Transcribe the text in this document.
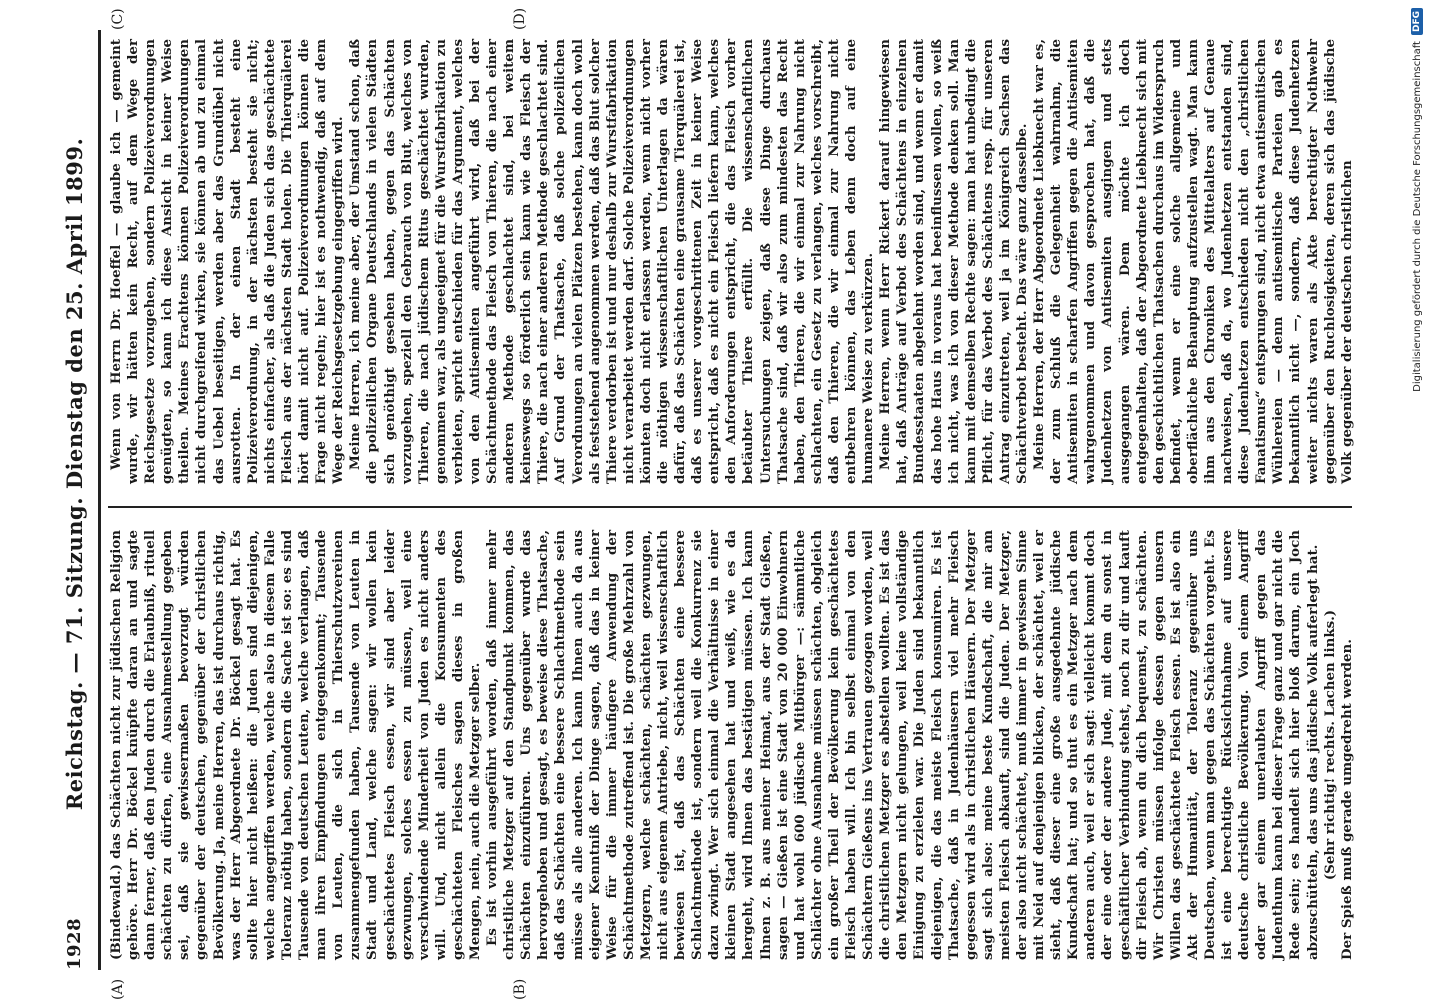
1928
Reichstag. — 71. Sitzung. Dienstag den 25. April 1899.
(A)	(B)
(C)	(D)

(Bindewald.) das Schächten nicht zur jüdischen Religion gehöre. Herr Dr. Böckel knüpfte daran an und sagte dann ferner, daß den Juden durch die Erlaubniß, rituell schächten zu dürfen, eine Ausnahmestellung gegeben sei, daß sie gewissermaßen bevorzugt würden gegenüber der deutschen, gegenüber der christlichen Bevölkerung. Ja, meine Herren, das ist durchaus richtig, was der Herr Abgeordnete Dr. Böckel gesagt hat. Es sollte hier nicht heißen: die Juden sind diejenigen, welche angegriffen werden, welche also in diesem Falle Toleranz nöthig haben, sondern die Sache ist so: es sind Tausende von deutschen Leuten, welche verlangen, daß man ihren Empfindungen entgegenkommt; Tausende von Leuten, die sich in Thierschutzvereinen zusammengefunden haben, Tausende von Leuten in Stadt und Land, welche sagen: wir wollen kein geschächtetes Fleisch essen, wir sind aber leider gezwungen, solches essen zu müssen, weil eine verschwindende Minderheit von Juden es nicht anders will. Und, nicht allein die Konsumenten des geschächteten Fleisches sagen dieses in großen Mengen, nein, auch die Metzger selber. Es ist vorhin ausgeführt worden, daß immer mehr christliche Metzger auf den Standpunkt kommen, das Schächten einzuführen. Uns gegenüber wurde das hervorgehoben und gesagt, es beweise diese Thatsache, daß das Schächten eine bessere Schlachtmethode sein müsse als alle anderen. Ich kann Ihnen auch da aus eigener Kenntniß der Dinge sagen, daß das in keiner Weise für die immer häufigere Anwendung der Schächtmethode zutreffend ist. Die große Mehrzahl von Metzgern, welche schächten, schächten gezwungen, nicht aus eigenem Antriebe, nicht, weil wissenschaftlich bewiesen ist, daß das Schächten eine bessere Schlachtmethode ist, sondern weil die Konkurrenz sie dazu zwingt. Wer sich einmal die Verhältnisse in einer kleinen Stadt angesehen hat und weiß, wie es da hergeht, wird Ihnen das bestätigen müssen. Ich kann Ihnen z. B. aus meiner Heimat, aus der Stadt Gießen, sagen — Gießen ist eine Stadt von 20 000 Einwohnern und hat wohl 600 jüdische Mitbürger —: sämmtliche Schlächter ohne Ausnahme müssen schächten, obgleich ein großer Theil der Bevölkerung kein geschächtetes Fleisch haben will. Ich bin selbst einmal von den Schächtern Gießens ins Vertrauen gezogen worden, weil die christlichen Metzger es abstellen wollten. Es ist das den Metzgern nicht gelungen, weil keine vollständige Einigung zu erzielen war. Die Juden sind bekanntlich diejenigen, die das meiste Fleisch konsumiren. Es ist Thatsache, daß in Judenhäusern viel mehr Fleisch gegessen wird als in christlichen Häusern. Der Metzger sagt sich also: meine beste Kundschaft, die mir am meisten Fleisch abkauft, sind die Juden. Der Metzger, der also nicht schächtet, muß immer in gewissem Sinne mit Neid auf denjenigen blicken, der schächtet, weil er sieht, daß dieser eine große ausgedehnte jüdische Kundschaft hat; und so thut es ein Metzger nach dem anderen auch, weil er sich sagt: vielleicht kommt doch der eine oder der andere Jude, mit dem du sonst in geschäftlicher Verbindung stehst, noch zu dir und kauft dir Fleisch ab, wenn du dich bequemst, zu schächten. Wir Christen müssen infolge dessen gegen unsern Willen das geschächtete Fleisch essen. Es ist also ein Akt der Humanität, der Toleranz gegenüber uns Deutschen, wenn man gegen das Schächten vorgeht. Es ist eine berechtigte Rücksichtnahme auf unsere deutsche christliche Bevölkerung. Von einem Angriff oder gar einem unerlaubten Angriff gegen das Judenthum kann bei dieser Frage ganz und gar nicht die Rede sein; es handelt sich hier bloß darum, ein Joch abzuschütteln, das uns das jüdische Volk auferlegt hat. (Sehr richtig! rechts. Lachen links.) Der Spieß muß gerade umgedreht werden.

Wenn von Herrn Dr. Hoeffel — glaube ich — gemeint wurde, wir hätten kein Recht, auf dem Wege der Reichsgesetze vorzugehen, sondern Polizeiverordnungen genügten, so kann ich diese Ansicht in keiner Weise theilen. Meines Erachtens können Polizeiverordnungen nicht durchgreifend wirken, sie können ab und zu einmal das Uebel beseitigen, werden aber das Grundübel nicht ausrotten. In der einen Stadt besteht eine Polizeiverordnung, in der nächsten besteht sie nicht; nichts einfacher, als daß die Juden sich das geschächtete Fleisch aus der nächsten Stadt holen. Die Thierquälerei hört damit nicht auf. Polizeiverordnungen können die Frage nicht regeln; hier ist es nothwendig, daß auf dem Wege der Reichsgesetzgebung eingegriffen wird. Meine Herren, ich meine aber, der Umstand schon, daß die polizeilichen Organe Deutschlands in vielen Städten sich genöthigt gesehen haben, gegen das Schächten vorzugehen, speziell den Gebrauch von Blut, welches von Thieren, die nach jüdischem Ritus geschächtet wurden, genommen war, als ungeeignet für die Wurstfabrikation zu verbieten, spricht entschieden für das Argument, welches von den Antisemiten angeführt wird, daß bei der Schächtmethode das Fleisch von Thieren, die nach einer anderen Methode geschlachtet sind, bei weitem keineswegs so förderlich sein kann wie das Fleisch der Thiere, die nach einer anderen Methode geschlachtet sind. Auf Grund der Thatsache, daß solche polizeilichen Verordnungen an vielen Plätzen bestehen, kann doch wohl als feststehend angenommen werden, daß das Blut solcher Thiere verdorben ist und nur deshalb zur Wurstfabrikation nicht verarbeitet werden darf. Solche Polizeiverordnungen könnten doch nicht erlassen werden, wenn nicht vorher die nöthigen wissenschaftlichen Unterlagen da wären dafür, daß das Schächten eine grausame Tierquälerei ist, daß es unserer vorgeschrittenen Zeit in keiner Weise entspricht, daß es nicht ein Fleisch liefern kann, welches den Anforderungen entspricht, die das Fleisch vorher betäubter Thiere erfüllt. Die wissenschaftlichen Untersuchungen zeigen, daß diese Dinge durchaus Thatsache sind, daß wir also zum mindesten das Recht haben, den Thieren, die wir einmal zur Nahrung nicht schlachten, ein Gesetz zu verlangen, welches vorschreibt, daß den Thieren, die wir einmal zur Nahrung nicht entbehren können, das Leben denn doch auf eine humanere Weise zu verkürzen. Meine Herren, wenn Herr Rickert darauf hingewiesen hat, daß Anträge auf Verbot des Schächtens in einzelnen Bundesstaaten abgelehnt worden sind, und wenn er damit das hohe Haus in voraus hat beeinflussen wollen, so weiß ich nicht, was ich von dieser Methode denken soll. Man kann mit demselben Rechte sagen: man hat unbedingt die Pflicht, für das Verbot des Schächtens resp. für unseren Antrag einzutreten, weil ja im Königreich Sachsen das Schächtverbot besteht. Das wäre ganz dasselbe. Meine Herren, der Herr Abgeordnete Liebknecht war es, der zum Schluß die Gelegenheit wahrnahm, die Antisemiten in scharfen Angriffen gegen die Antisemiten wahrgenommen und davon gesprochen hat, daß die Judenhetzen von Antisemiten ausgingen und stets ausgegangen wären. Dem möchte ich doch entgegenhalten, daß der Abgeordnete Liebknecht sich mit den geschichtlichen Thatsachen durchaus im Widerspruch befindet, wenn er eine solche allgemeine und oberflächliche Behauptung aufzustellen wagt. Man kann ihm aus den Chroniken des Mittelalters auf Genaue nachweisen, daß da, wo Judenhetzen entstanden sind, diese Judenhetzen entschieden nicht den „christlichen Fanatismus“ entsprungen sind, nicht etwa antisemitischen Wühlereien — denn antisemitische Parteien gab es bekanntlich nicht —, sondern, daß diese Judenhetzen weiter nichts waren als Akte berechtigter Nothwehr gegenüber den Ruchlosigkeiten, deren sich das jüdische Volk gegenüber der deutschen christlichen	Digitalisierung gefördert durch die Deutsche Forschungsgemeinschaft
DFG
